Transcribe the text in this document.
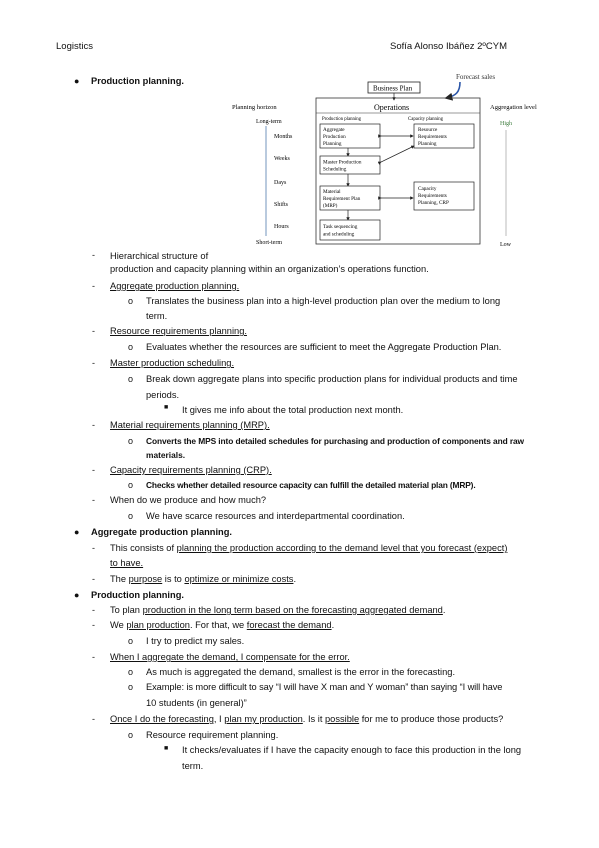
Logistics	Sofía Alonso Ibáñez 2ºCYM
Forecast sales
Business Plan
Operations
Planning horizon
Long-term
Months
Weeks
Days
Shifts
Hours
Short-term
Aggregation level
High
Low
Production planning	Capacity planning
Aggregate
Production
Planning
Resource
Requirements
Planning
Master Production
Scheduling
Material
Requirement Plan
(MRP)
Capacity
Requirements
Planning, CRP
Task sequencing
and scheduling
● Production planning.
- Hierarchical structure of
production and capacity planning within an organization’s operations function.
- Aggregate production planning.
o Translates the business plan into a high-level production plan over the medium to long
term.
- Resource requirements planning.
o Evaluates whether the resources are sufficient to meet the Aggregate Production Plan.
- Master production scheduling.
o Break down aggregate plans into specific production plans for individual products and time
periods.
■ It gives me info about the total production next month.
- Material requirements planning (MRP).
o Converts the MPS into detailed schedules for purchasing and production of components and raw
materials.
- Capacity requirements planning (CRP).
o Checks whether detailed resource capacity can fulfill the detailed material plan (MRP).
- When do we produce and how much?
o We have scarce resources and interdepartmental coordination.
● Aggregate production planning.
- This consists of planning the production according to the demand level that you forecast (expect)
to have.
- The purpose is to optimize or minimize costs.
● Production planning.
- To plan production in the long term based on the forecasting aggregated demand.
- We plan production. For that, we forecast the demand.
o I try to predict my sales.
- When I aggregate the demand, I compensate for the error.
o As much is aggregated the demand, smallest is the error in the forecasting.
o Example: is more difficult to say “I will have X man and Y woman” than saying “I will have
10 students (in general)”
- Once I do the forecasting, I plan my production. Is it possible for me to produce those products?
o Resource requirement planning.
■ It checks/evaluates if I have the capacity enough to face this production in the long
term.
